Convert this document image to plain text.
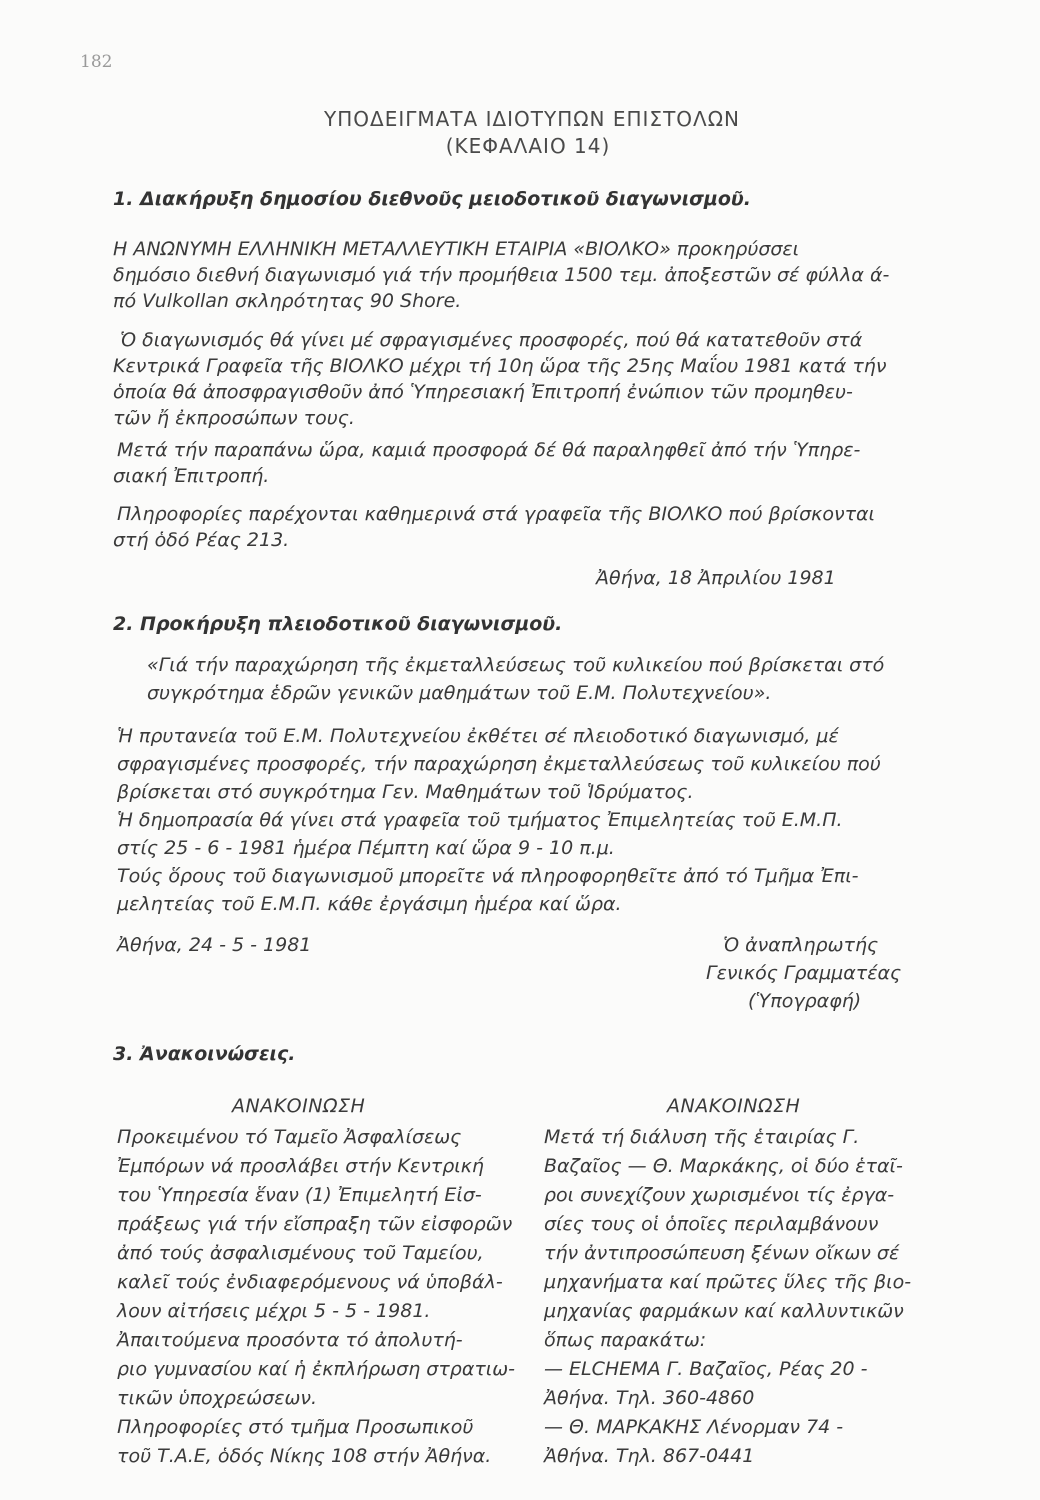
182
ΥΠΟΔΕΙΓΜΑΤΑ ΙΔΙΟΤΥΠΩΝ ΕΠΙΣΤΟΛΩΝ
(ΚΕΦΑΛΑΙΟ 14)
1. Διακήρυξη δημοσίου διεθνοῦς μειοδοτικοῦ διαγωνισμοῦ.
Η ΑΝΩΝΥΜΗ ΕΛΛΗΝΙΚΗ ΜΕΤΑΛΛΕΥΤΙΚΗ ΕΤΑΙΡΙΑ «ΒΙΟΛΚΟ» προκηρύσσει
δημόσιο διεθνή διαγωνισμό γιά τήν προμήθεια 1500 τεμ. ἀποξεστῶν σέ φύλλα ά-
πό Vulkollan σκληρότητας 90 Shore.
Ὁ διαγωνισμός θά γίνει μέ σφραγισμένες προσφορές, πού θά κατατεθοῦν στά
Κεντρικά Γραφεῖα τῆς ΒΙΟΛΚΟ μέχρι τή 10η ὥρα τῆς 25ης Μαΐου 1981 κατά τήν
ὁποία θά ἀποσφραγισθοῦν ἀπό Ὑπηρεσιακή Ἐπιτροπή ἐνώπιον τῶν προμηθευ-
τῶν ἤ ἐκπροσώπων τους.
Μετά τήν παραπάνω ὥρα, καμιά προσφορά δέ θά παραληφθεῖ ἀπό τήν Ὑπηρε-
σιακή Ἐπιτροπή.
Πληροφορίες παρέχονται καθημερινά στά γραφεῖα τῆς ΒΙΟΛΚΟ πού βρίσκονται
στή ὁδό Ρέας 213.
Ἀθήνα, 18 Ἀπριλίου 1981
2. Προκήρυξη πλειοδοτικοῦ διαγωνισμοῦ.
«Γιά τήν παραχώρηση τῆς ἐκμεταλλεύσεως τοῦ κυλικείου πού βρίσκεται στό
συγκρότημα ἑδρῶν γενικῶν μαθημάτων τοῦ Ε.Μ. Πολυτεχνείου».
Ἡ πρυτανεία τοῦ Ε.Μ. Πολυτεχνείου ἐκθέτει σέ πλειοδοτικό διαγωνισμό, μέ
σφραγισμένες προσφορές, τήν παραχώρηση ἐκμεταλλεύσεως τοῦ κυλικείου πού
βρίσκεται στό συγκρότημα Γεν. Μαθημάτων τοῦ Ἱδρύματος.
Ἡ δημοπρασία θά γίνει στά γραφεῖα τοῦ τμήματος Ἐπιμελητείας τοῦ Ε.Μ.Π.
στίς 25 - 6 - 1981 ἡμέρα Πέμπτη καί ὥρα 9 - 10 π.μ.
Τούς ὅρους τοῦ διαγωνισμοῦ μπορεῖτε νά πληροφορηθεῖτε ἀπό τό Τμῆμα Ἐπι-
μελητείας τοῦ Ε.Μ.Π. κάθε ἐργάσιμη ἡμέρα καί ὥρα.
Ἀθήνα, 24 - 5 - 1981	Ὁ ἀναπληρωτής
Γενικός Γραμματέας
(Ὑπογραφή)
3. Ἀνακοινώσεις.
ΑΝΑΚΟΙΝΩΣΗ
Προκειμένου τό Ταμεῖο Ἀσφαλίσεως
Ἐμπόρων νά προσλάβει στήν Κεντρική
του Ὑπηρεσία ἕναν (1) Ἐπιμελητή Εἰσ-
πράξεως γιά τήν εἴσπραξη τῶν εἰσφορῶν
ἀπό τούς ἀσφαλισμένους τοῦ Ταμείου,
καλεῖ τούς ἐνδιαφερόμενους νά ὑποβάλ-
λουν αἰτήσεις μέχρι 5 - 5 - 1981.
Ἀπαιτούμενα προσόντα τό ἀπολυτή-
ριο γυμνασίου καί ἡ ἐκπλήρωση στρατιω-
τικῶν ὑποχρεώσεων.
Πληροφορίες στό τμῆμα Προσωπικοῦ
τοῦ Τ.Α.Ε, ὁδός Νίκης 108 στήν Ἀθήνα.
ΑΝΑΚΟΙΝΩΣΗ
Μετά τή διάλυση τῆς ἑταιρίας Γ.
Βαζαῖος — Θ. Μαρκάκης, οἱ δύο ἑταῖ-
ροι συνεχίζουν χωρισμένοι τίς ἐργα-
σίες τους οἱ ὁποῖες περιλαμβάνουν
τήν ἀντιπροσώπευση ξένων οἴκων σέ
μηχανήματα καί πρῶτες ὕλες τῆς βιο-
μηχανίας φαρμάκων καί καλλυντικῶν
ὅπως παρακάτω:
— ELCHEMA Γ. Βαζαῖος, Ρέας 20 -
Ἀθήνα. Τηλ. 360-4860
— Θ. ΜΑΡΚΑΚΗΣ Λένορμαν 74 -
Ἀθήνα. Τηλ. 867-0441
